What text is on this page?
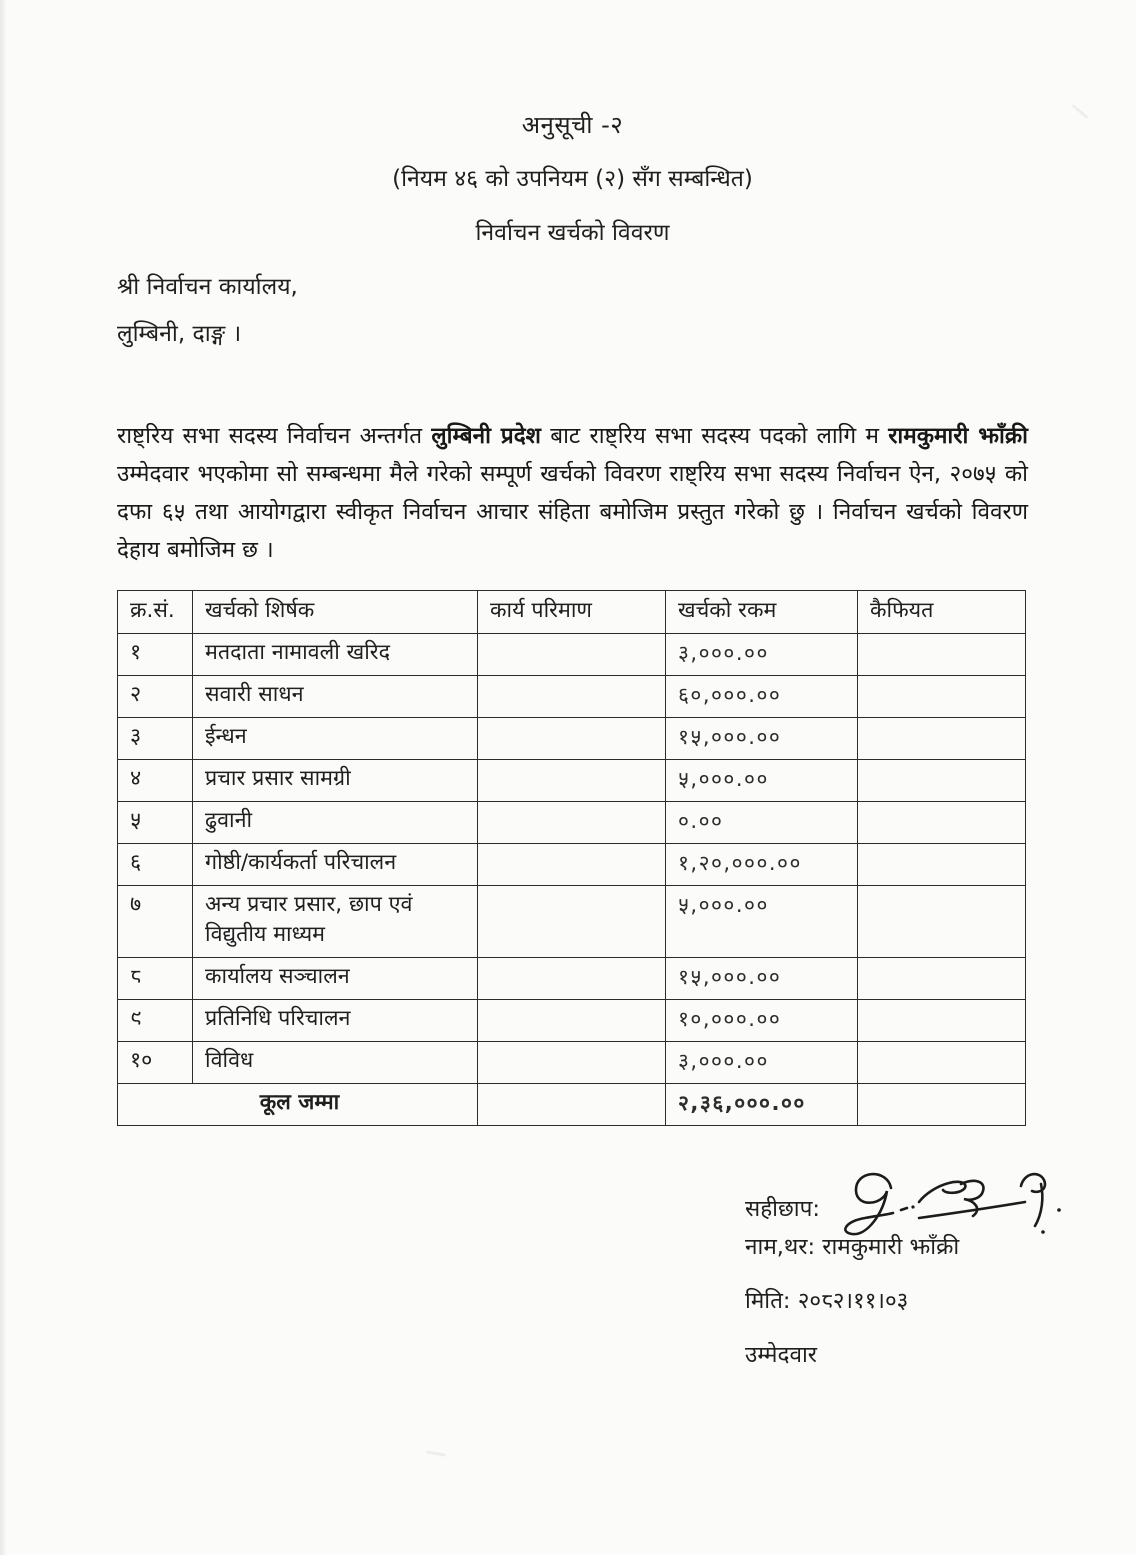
अनुसूची -२
(नियम ४६ को उपनियम (२) सँग सम्बन्धित)
निर्वाचन खर्चको विवरण
श्री निर्वाचन कार्यालय,
लुम्बिनी, दाङ्ग ।

राष्ट्रिय सभा सदस्य निर्वाचन अन्तर्गत लुम्बिनी प्रदेश बाट राष्ट्रिय सभा सदस्य पदको लागि म रामकुमारी झाँक्री उम्मेदवार भएकोमा सो सम्बन्धमा मैले गरेको सम्पूर्ण खर्चको विवरण राष्ट्रिय सभा सदस्य निर्वाचन ऐन, २०७५ को दफा ६५ तथा आयोगद्वारा स्वीकृत निर्वाचन आचार संहिता बमोजिम प्रस्तुत गरेको छु । निर्वाचन खर्चको विवरण देहाय बमोजिम छ ।

क्र.सं.	खर्चको शिर्षक	कार्य परिमाण	खर्चको रकम	कैफियत
१	मतदाता नामावली खरिद		३,०००.००	
२	सवारी साधन		६०,०००.००	
३	ईन्धन		१५,०००.००	
४	प्रचार प्रसार सामग्री		५,०००.००	
५	ढुवानी		०.००	
६	गोष्ठी/कार्यकर्ता परिचालन		१,२०,०००.००	
७	अन्य प्रचार प्रसार, छाप एवं विद्युतीय माध्यम		५,०००.००	
८	कार्यालय सञ्चालन		१५,०००.००	
९	प्रतिनिधि परिचालन		१०,०००.००	
१०	विविध		३,०००.००	
कूल जम्मा			२,३६,०००.००	
सहीछाप:
नाम,थर: रामकुमारी झाँक्री
मिति: २०८२।११।०३
उम्मेदवार
